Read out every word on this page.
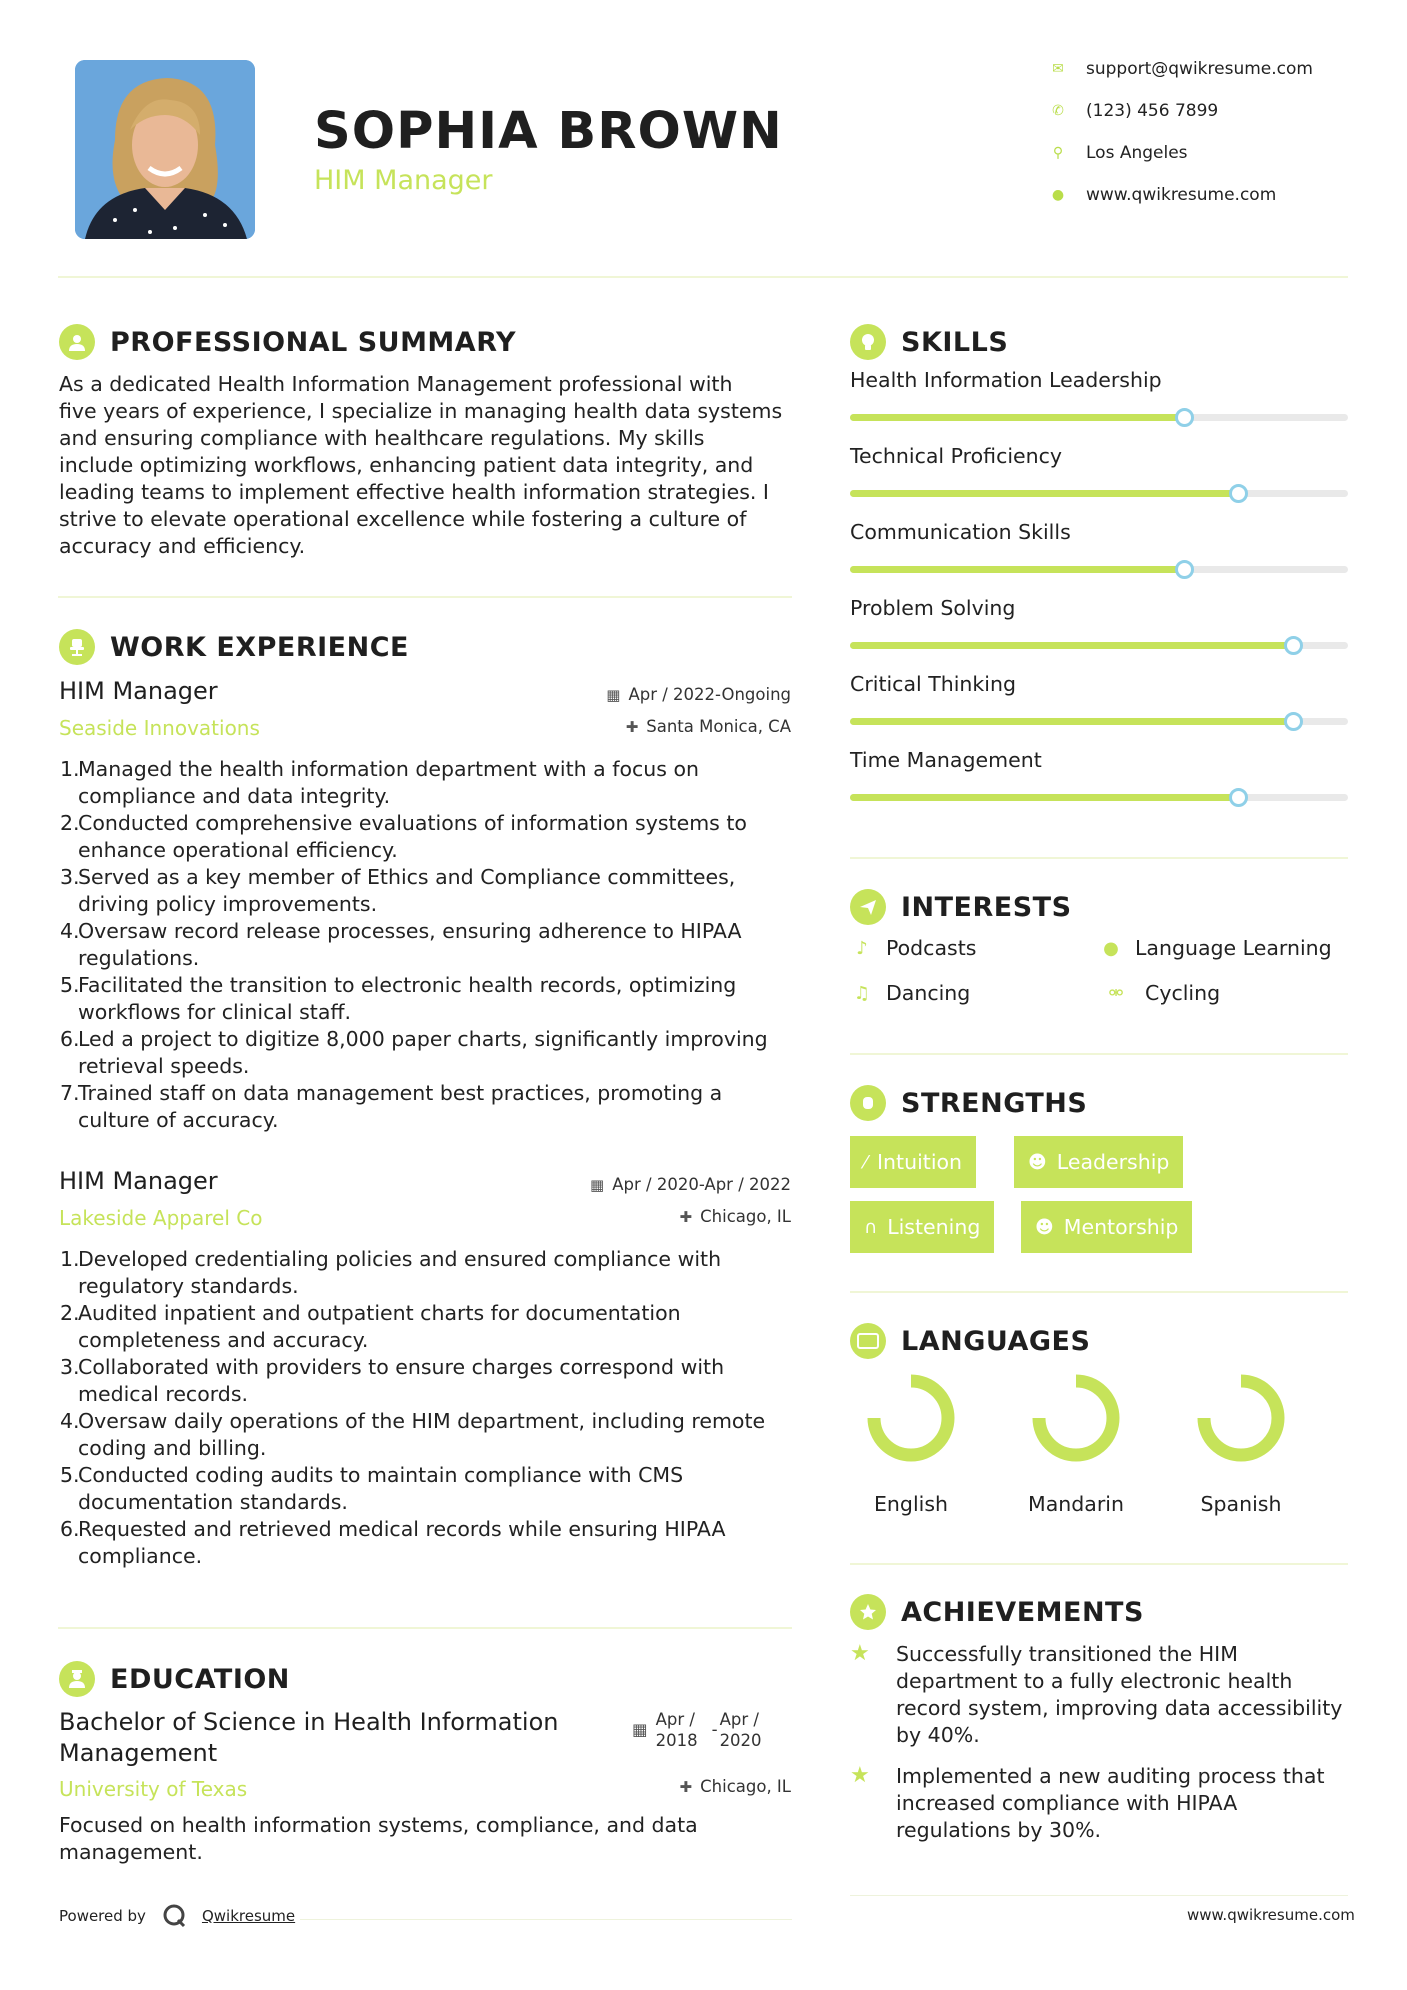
SOPHIA BROWN
HIM Manager
✉ support@qwikresume.com
✆ (123) 456 7899
⚲ Los Angeles
● www.qwikresume.com
PROFESSIONAL SUMMARY
As a dedicated Health Information Management professional with
five years of experience, I specialize in managing health data systems
and ensuring compliance with healthcare regulations. My skills
include optimizing workflows, enhancing patient data integrity, and
leading teams to implement effective health information strategies. I
strive to elevate operational excellence while fostering a culture of
accuracy and efficiency.
WORK EXPERIENCE
HIM Manager	▦ Apr / 2022-Ongoing
Seaside Innovations	✚ Santa Monica, CA
1.
Managed the health information department with a focus on
compliance and data integrity.
2.
Conducted comprehensive evaluations of information systems to
enhance operational efficiency.
3.
Served as a key member of Ethics and Compliance committees,
driving policy improvements.
4.
Oversaw record release processes, ensuring adherence to HIPAA
regulations.
5.
Facilitated the transition to electronic health records, optimizing
workflows for clinical staff.
6.
Led a project to digitize 8,000 paper charts, significantly improving
retrieval speeds.
7.
Trained staff on data management best practices, promoting a
culture of accuracy.
HIM Manager	▦ Apr / 2020-Apr / 2022
Lakeside Apparel Co	✚ Chicago, IL
1.
Developed credentialing policies and ensured compliance with
regulatory standards.
2.
Audited inpatient and outpatient charts for documentation
completeness and accuracy.
3.
Collaborated with providers to ensure charges correspond with
medical records.
4.
Oversaw daily operations of the HIM department, including remote
coding and billing.
5.
Conducted coding audits to maintain compliance with CMS
documentation standards.
6.
Requested and retrieved medical records while ensuring HIPAA
compliance.
EDUCATION
Bachelor of Science in Health Information
Management
▦
Apr /
2018
-
Apr /
2020
University of Texas	✚ Chicago, IL
Focused on health information systems, compliance, and data
management.
SKILLS
Health Information Leadership
Technical Proficiency
Communication Skills
Problem Solving
Critical Thinking
Time Management
INTERESTS
♪ Podcasts	● Language Learning
♫ Dancing	⚮	Cycling
STRENGTHS
⁄ Intuition	☻ Leadership
∩ Listening	☻ Mentorship
LANGUAGES
English	Mandarin	Spanish
ACHIEVEMENTS
★	Successfully transitioned the HIM
department to a fully electronic health
record system, improving data accessibility
by 40%.
★	Implemented a new auditing process that
increased compliance with HIPAA
regulations by 30%.
Powered by	Qwikresume	www.qwikresume.com
